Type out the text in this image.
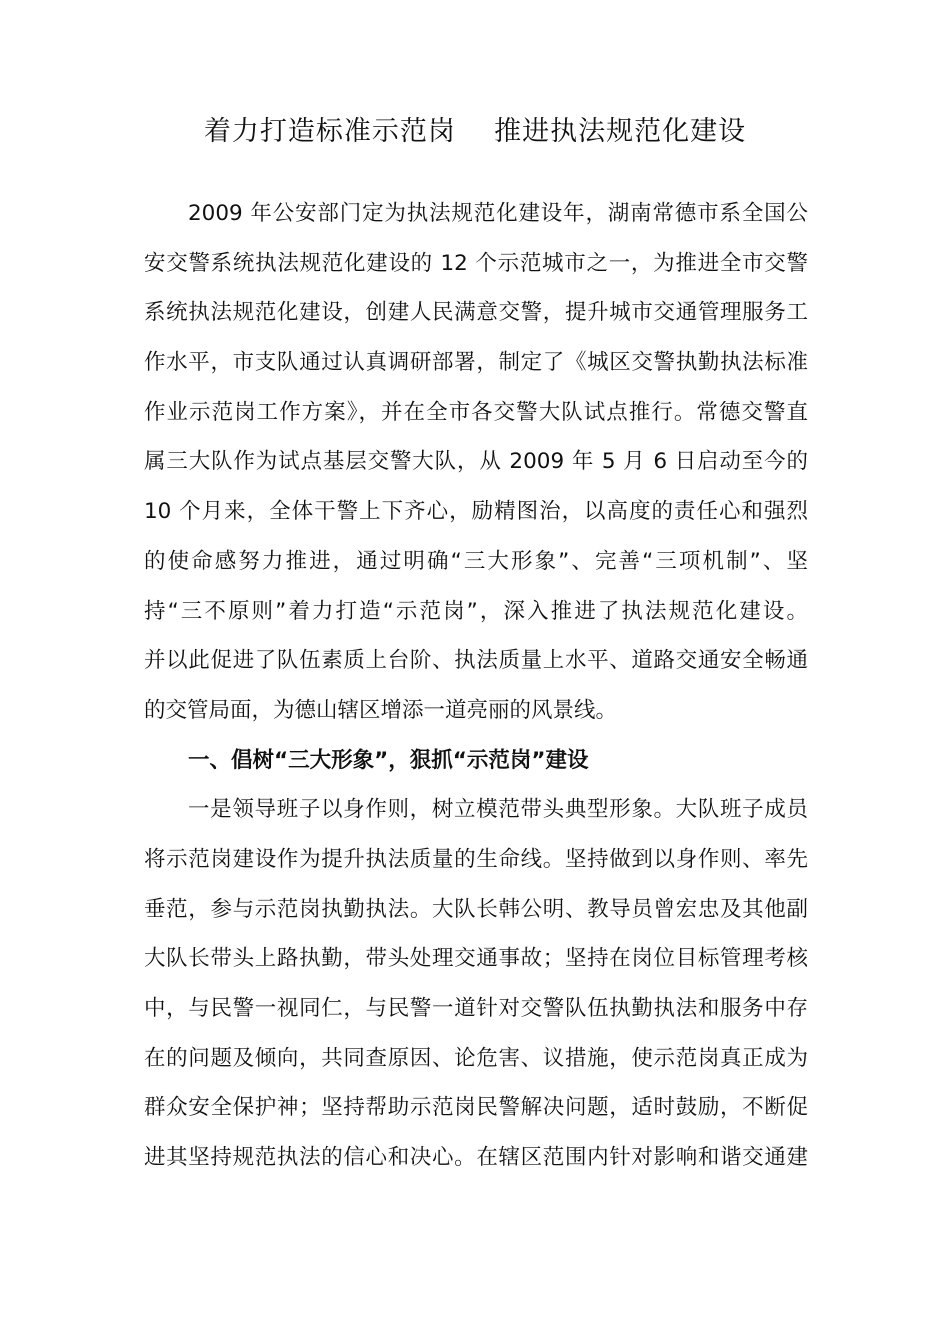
着力打造标准示范岗    推进执法规范化建设
2009 年公安部门定为执法规范化建设年，湖南常德市系全国公
安交警系统执法规范化建设的 12 个示范城市之一，为推进全市交警
系统执法规范化建设，创建人民满意交警，提升城市交通管理服务工
作水平，市支队通过认真调研部署，制定了《城区交警执勤执法标准
作业示范岗工作方案》，并在全市各交警大队试点推行。常德交警直
属三大队作为试点基层交警大队，从 2009 年 5 月 6 日启动至今的
10 个月来，全体干警上下齐心，励精图治，以高度的责任心和强烈
的使命感努力推进，通过明确“三大形象”、完善“三项机制”、坚
持“三不原则”着力打造“示范岗”，深入推进了执法规范化建设。
并以此促进了队伍素质上台阶、执法质量上水平、道路交通安全畅通
的交管局面，为德山辖区增添一道亮丽的风景线。
一、倡树“三大形象”，狠抓“示范岗”建设
一是领导班子以身作则，树立模范带头典型形象。大队班子成员
将示范岗建设作为提升执法质量的生命线。坚持做到以身作则、率先
垂范，参与示范岗执勤执法。大队长韩公明、教导员曾宏忠及其他副
大队长带头上路执勤，带头处理交通事故；坚持在岗位目标管理考核
中，与民警一视同仁，与民警一道针对交警队伍执勤执法和服务中存
在的问题及倾向，共同查原因、论危害、议措施，使示范岗真正成为
群众安全保护神；坚持帮助示范岗民警解决问题，适时鼓励，不断促
进其坚持规范执法的信心和决心。在辖区范围内针对影响和谐交通建
